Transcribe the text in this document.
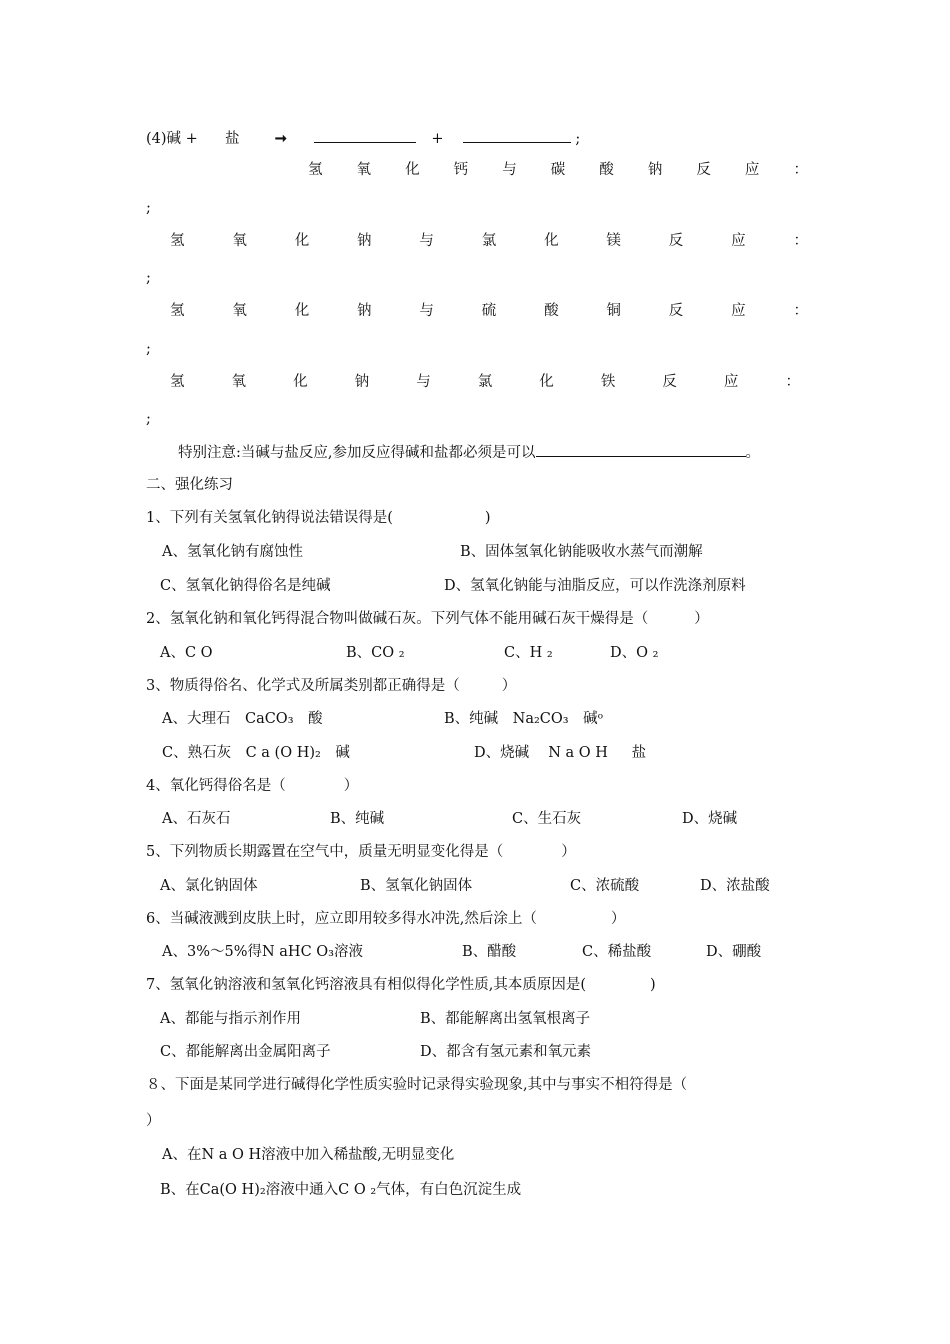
(4)碱 + 盐 ➞	+	;
氢 氧 化 钙 与 碳 酸 钠 反 应 ：
;
氢	氧	化	钠	与	氯	化	镁	反	应	：
;
氢	氧	化	钠	与	硫	酸	铜	反	应	：
;
氢	氧	化	钠	与	氯	化	铁	反	应	：
;
特别注意:当碱与盐反应,参加反应得碱和盐都必须是可以	。
二、强化练习
1、下列有关氢氧化钠得说法错误得是(	)
A、氢氧化钠有腐蚀性	B、固体氢氧化钠能吸收水蒸气而潮解
C、氢氧化钠得俗名是纯碱	D、氢氧化钠能与油脂反应，可以作洗涤剂原料
2、氢氧化钠和氧化钙得混合物叫做碱石灰。下列气体不能用碱石灰干燥得是（	）
A、C O	B、CO ₂	C、H ₂	D、O ₂
3、物质得俗名、化学式及所属类别都正确得是（	）
A、大理石　CaCO₃　酸	B、纯碱　Na₂CO₃　碱ᵒ
C、熟石灰　C a (O H)₂　碱	D、烧碱　 N a O H 　 盐
4、氧化钙得俗名是（	）
A、石灰石	B、纯碱	C、生石灰	D、烧碱
5、下列物质长期露置在空气中，质量无明显变化得是（	）
A、氯化钠固体	B、氢氧化钠固体	C、浓硫酸	D、浓盐酸
6、当碱液溅到皮肤上时，应立即用较多得水冲洗,然后涂上（	）
A、3%～5%得N aHC O₃溶液	B、醋酸	C、稀盐酸	D、硼酸
7、氢氧化钠溶液和氢氧化钙溶液具有相似得化学性质,其本质原因是(	)
A、都能与指示剂作用	B、都能解离出氢氧根离子
C、都能解离出金属阳离子	D、都含有氢元素和氧元素
８、下面是某同学进行碱得化学性质实验时记录得实验现象,其中与事实不相符得是（
）
A、在N a O H溶液中加入稀盐酸,无明显变化
B、在Ca(O H)₂溶液中通入C O ₂气体，有白色沉淀生成
